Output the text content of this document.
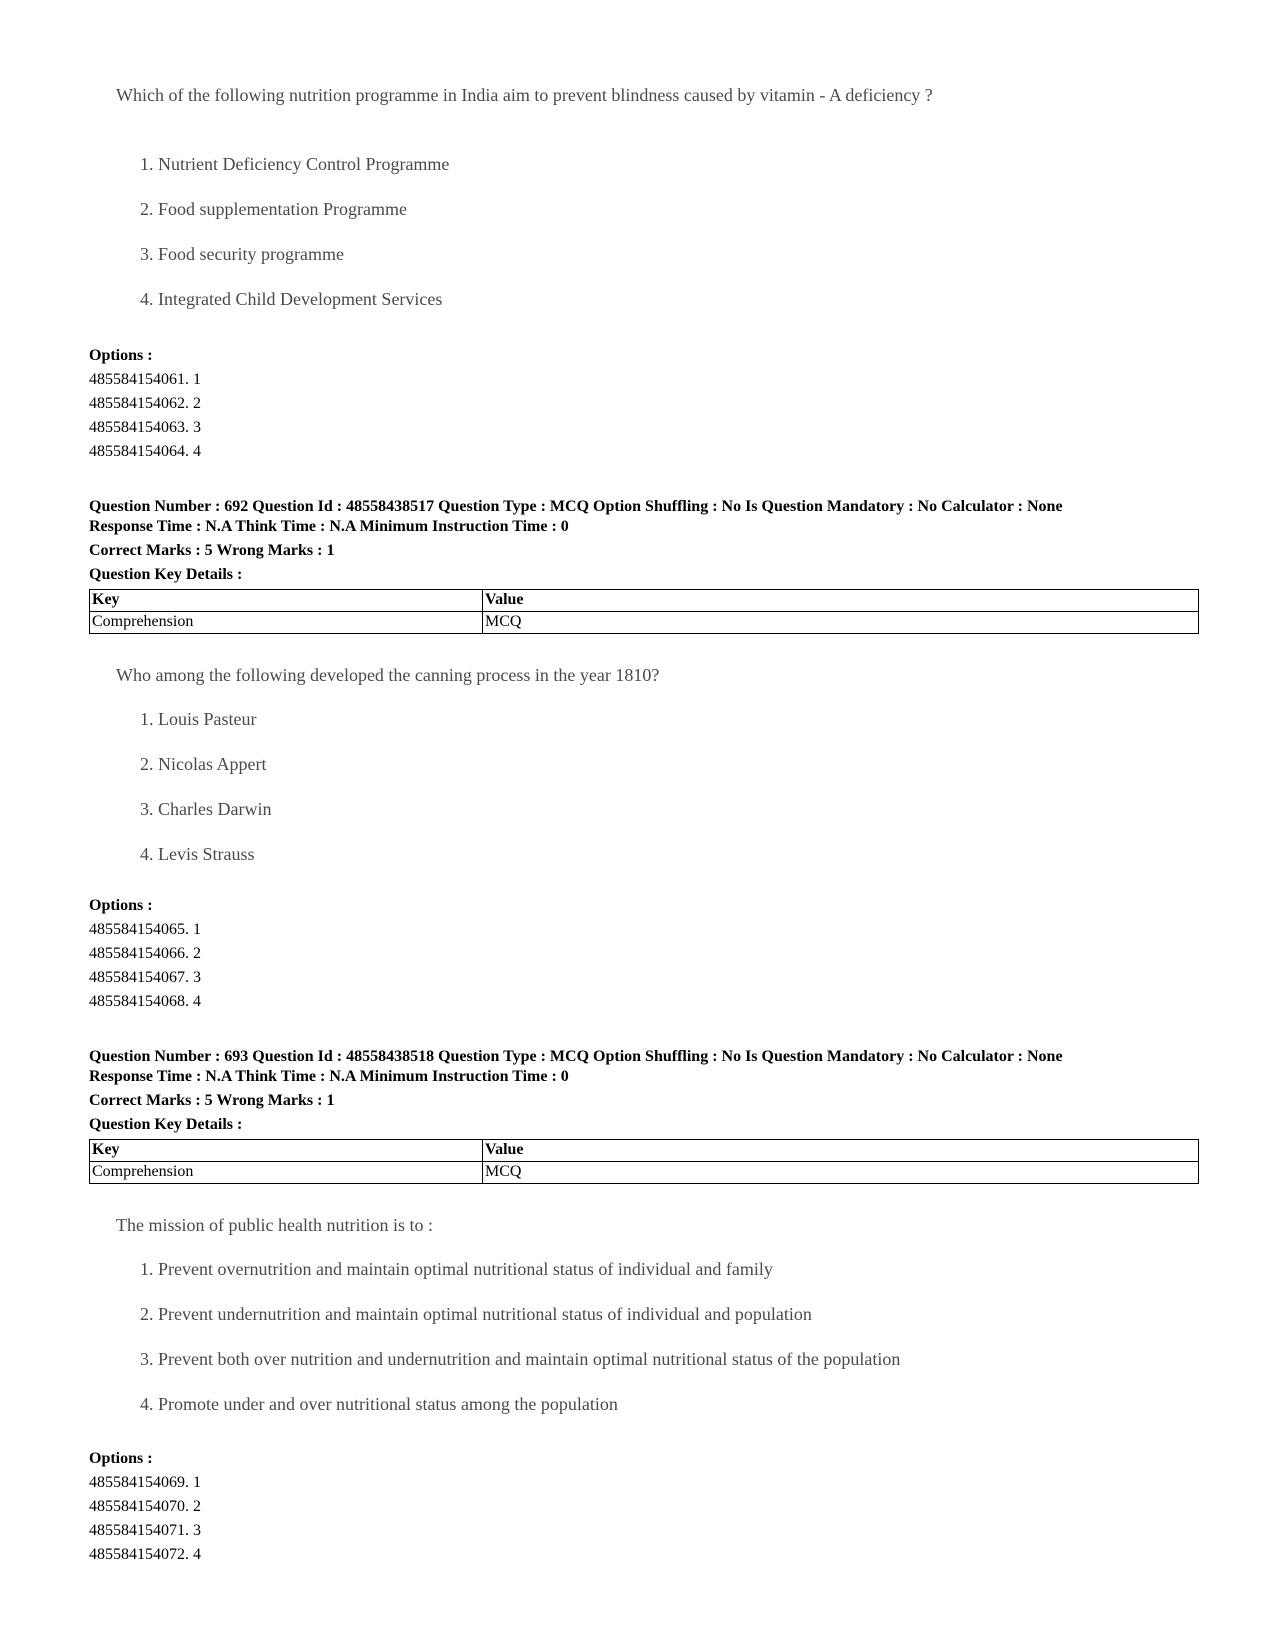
Which of the following nutrition programme in India aim to prevent blindness caused by vitamin - A deficiency ?
1. Nutrient Deficiency Control Programme
2. Food supplementation Programme
3. Food security programme
4. Integrated Child Development Services
Options :
485584154061. 1
485584154062. 2
485584154063. 3
485584154064. 4
Question Number : 692 Question Id : 48558438517 Question Type : MCQ Option Shuffling : No Is Question Mandatory : No Calculator : None
Response Time : N.A Think Time : N.A Minimum Instruction Time : 0
Correct Marks : 5 Wrong Marks : 1
Question Key Details :
Key	Value
Comprehension	MCQ
Who among the following developed the canning process in the year 1810?
1. Louis Pasteur
2. Nicolas Appert
3. Charles Darwin
4. Levis Strauss
Options :
485584154065. 1
485584154066. 2
485584154067. 3
485584154068. 4
Question Number : 693 Question Id : 48558438518 Question Type : MCQ Option Shuffling : No Is Question Mandatory : No Calculator : None
Response Time : N.A Think Time : N.A Minimum Instruction Time : 0
Correct Marks : 5 Wrong Marks : 1
Question Key Details :
Key	Value
Comprehension	MCQ
The mission of public health nutrition is to :
1. Prevent overnutrition and maintain optimal nutritional status of individual and family
2. Prevent undernutrition and maintain optimal nutritional status of individual and population
3. Prevent both over nutrition and undernutrition and maintain optimal nutritional status of the population
4. Promote under and over nutritional status among the population
Options :
485584154069. 1
485584154070. 2
485584154071. 3
485584154072. 4
